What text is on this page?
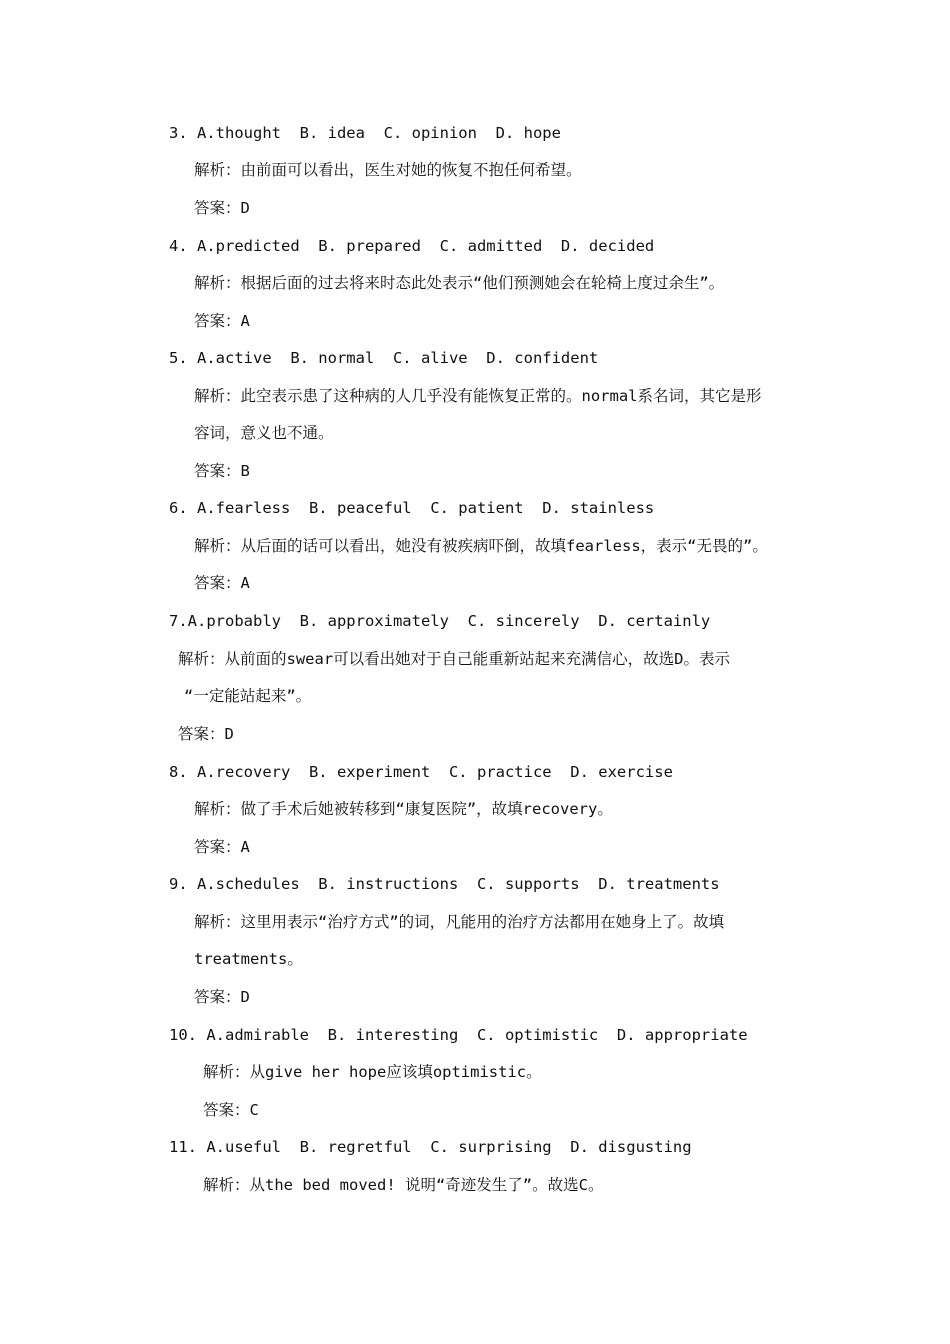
3. A.thought  B. idea  C. opinion  D. hope
解析：由前面可以看出，医生对她的恢复不抱任何希望。
答案：D
4. A.predicted  B. prepared  C. admitted  D. decided
解析：根据后面的过去将来时态此处表示“他们预测她会在轮椅上度过余生”。
答案：A
5. A.active  B. normal  C. alive  D. confident
解析：此空表示患了这种病的人几乎没有能恢复正常的。normal系名词，其它是形
容词，意义也不通。
答案：B
6. A.fearless  B. peaceful  C. patient  D. stainless
解析：从后面的话可以看出，她没有被疾病吓倒，故填fearless，表示“无畏的”。
答案：A
7.A.probably  B. approximately  C. sincerely  D. certainly
解析：从前面的swear可以看出她对于自己能重新站起来充满信心，故选D。表示
“一定能站起来”。
答案：D
8. A.recovery  B. experiment  C. practice  D. exercise
解析：做了手术后她被转移到“康复医院”，故填recovery。
答案：A
9. A.schedules  B. instructions  C. supports  D. treatments
解析：这里用表示“治疗方式”的词，凡能用的治疗方法都用在她身上了。故填
treatments。
答案：D
10. A.admirable  B. interesting  C. optimistic  D. appropriate
解析：从give her hope应该填optimistic。
答案：C
11. A.useful  B. regretful  C. surprising  D. disgusting
解析：从the bed moved! 说明“奇迹发生了”。故选C。
